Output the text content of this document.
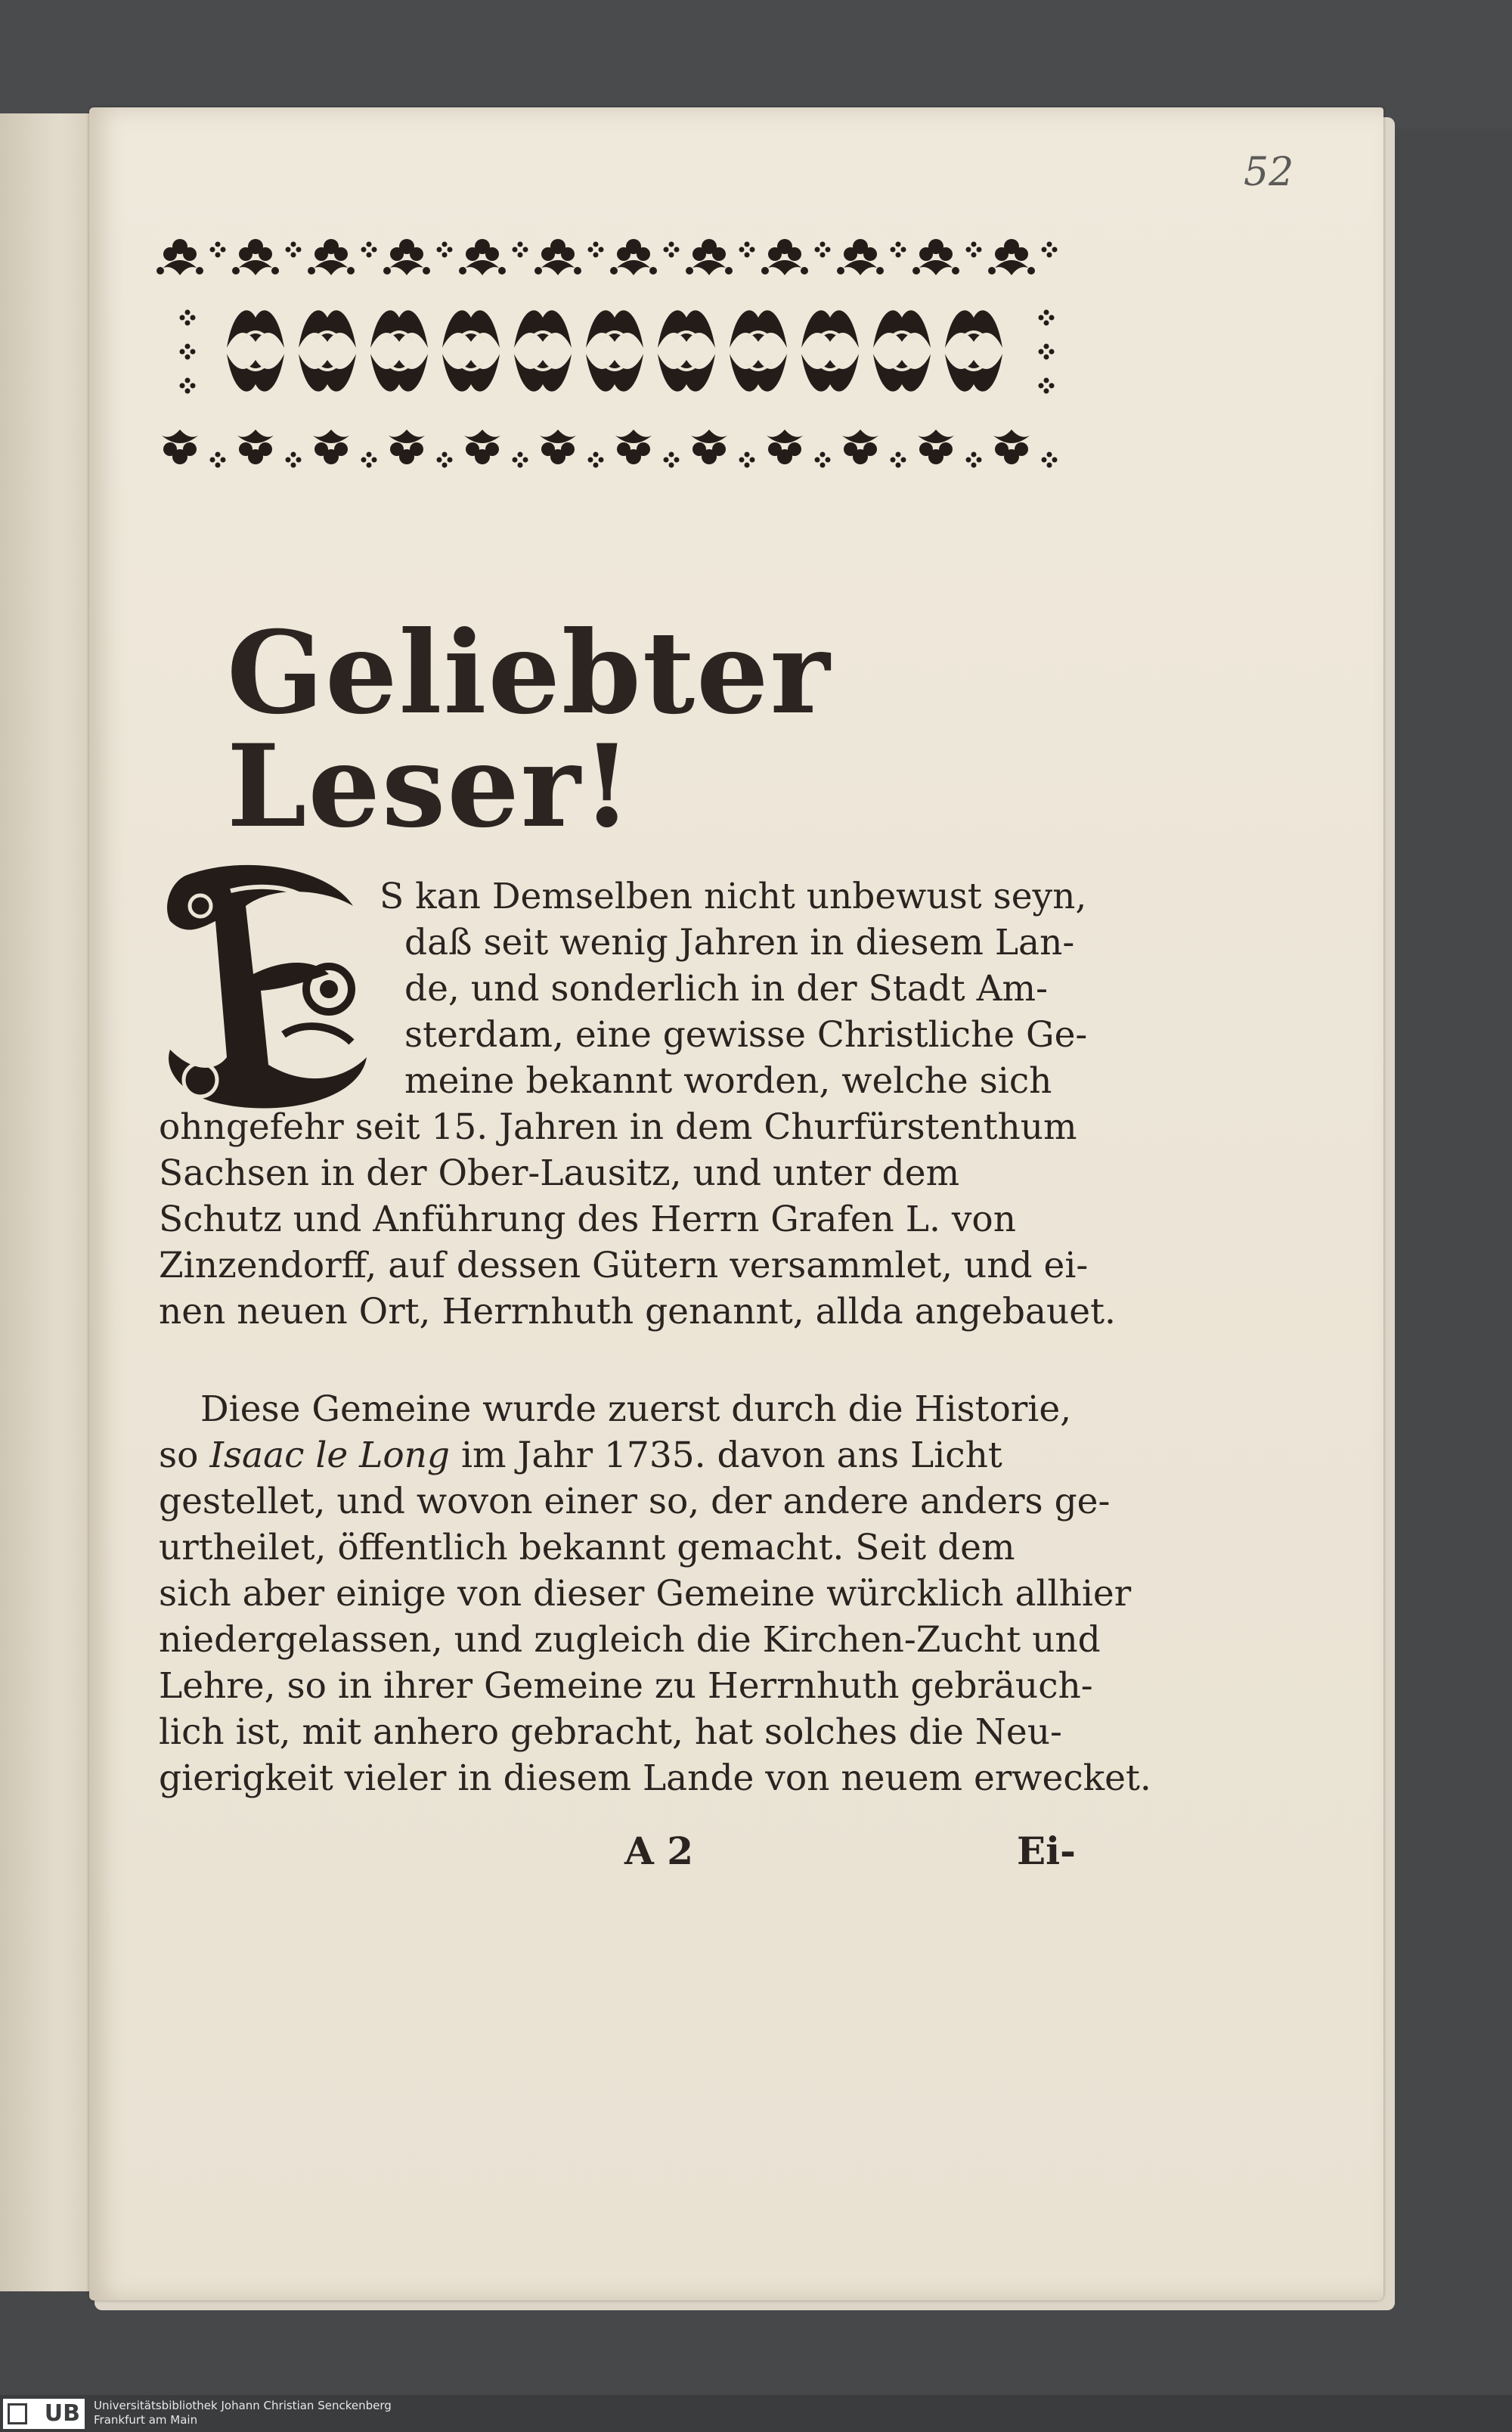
52
Geliebter Leser!
S kan Demselben nicht unbewust seyn,
daß seit wenig Jahren in diesem Lan-
de, und sonderlich in der Stadt Am-
sterdam, eine gewisse Christliche Ge-
meine bekannt worden, welche sich
ohngefehr seit 15. Jahren in dem Churfürstenthum
Sachsen in der Ober-Lausitz, und unter dem
Schutz und Anführung des Herrn Grafen L. von
Zinzendorff, auf dessen Gütern versammlet, und ei-
nen neuen Ort, Herrnhuth genannt, allda angebauet.
Diese Gemeine wurde zuerst durch die Historie,
so Isaac le Long im Jahr 1735. davon ans Licht
gestellet, und wovon einer so, der andere anders ge-
urtheilet, öffentlich bekannt gemacht. Seit dem
sich aber einige von dieser Gemeine würcklich allhier
niedergelassen, und zugleich die Kirchen-Zucht und
Lehre, so in ihrer Gemeine zu Herrnhuth gebräuch-
lich ist, mit anhero gebracht, hat solches die Neu-
gierigkeit vieler in diesem Lande von neuem erwecket.
A 2	Ei-
UB	Universitätsbibliothek Johann Christian Senckenberg
Frankfurt am Main
